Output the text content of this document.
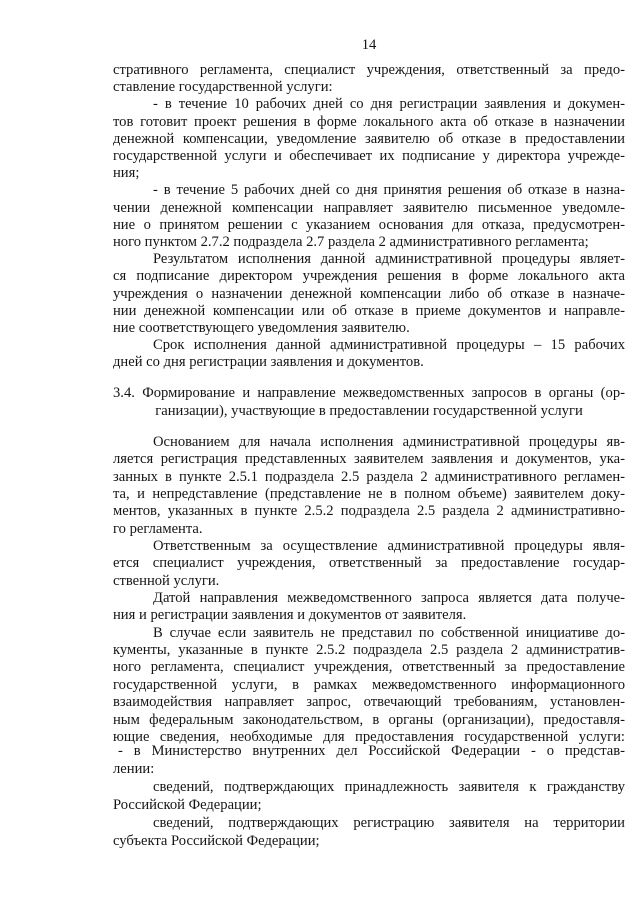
14
стративного регламента, специалист учреждения, ответственный за предо-
ставление государственной услуги:
- в течение 10 рабочих дней со дня регистрации заявления и докумен-
тов готовит проект решения в форме локального акта об отказе в назначении
денежной компенсации, уведомление заявителю об отказе в предоставлении
государственной услуги и обеспечивает их подписание у директора учрежде-
ния;
- в течение 5 рабочих дней со дня принятия решения об отказе в назна-
чении денежной компенсации направляет заявителю письменное уведомле-
ние о принятом решении с указанием основания для отказа, предусмотрен-
ного пунктом 2.7.2 подраздела 2.7 раздела 2 административного регламента;
Результатом исполнения данной административной процедуры являет-
ся подписание директором учреждения решения в форме локального акта
учреждения о назначении денежной компенсации либо об отказе в назначе-
нии денежной компенсации или об отказе в приеме документов и направле-
ние соответствующего уведомления заявителю.
Срок исполнения данной административной процедуры – 15 рабочих
дней со дня регистрации заявления и документов.
3.4. Формирование и направление межведомственных запросов в органы (ор-
ганизации), участвующие в предоставлении государственной услуги
Основанием для начала исполнения административной процедуры яв-
ляется регистрация представленных заявителем заявления и документов, ука-
занных в пункте 2.5.1 подраздела 2.5 раздела 2 административного регламен-
та, и непредставление (представление не в полном объеме) заявителем доку-
ментов, указанных в пункте 2.5.2 подраздела 2.5 раздела 2 административно-
го регламента.
Ответственным за осуществление административной процедуры явля-
ется специалист учреждения, ответственный за предоставление государ-
ственной услуги.
Датой направления межведомственного запроса является дата получе-
ния и регистрации заявления и документов от заявителя.
В случае если заявитель не представил по собственной инициативе до-
кументы, указанные в пункте 2.5.2 подраздела 2.5 раздела 2 административ-
ного регламента, специалист учреждения, ответственный за предоставление
государственной услуги, в рамках межведомственного информационного
взаимодействия направляет запрос, отвечающий требованиям, установлен-
ным федеральным законодательством, в органы (организации), предоставля-
ющие сведения, необходимые для предоставления государственной услуги:
- в Министерство внутренних дел Российской Федерации - о представ-
лении:
сведений, подтверждающих принадлежность заявителя к гражданству
Российской Федерации;
сведений, подтверждающих регистрацию заявителя на территории
субъекта Российской Федерации;
